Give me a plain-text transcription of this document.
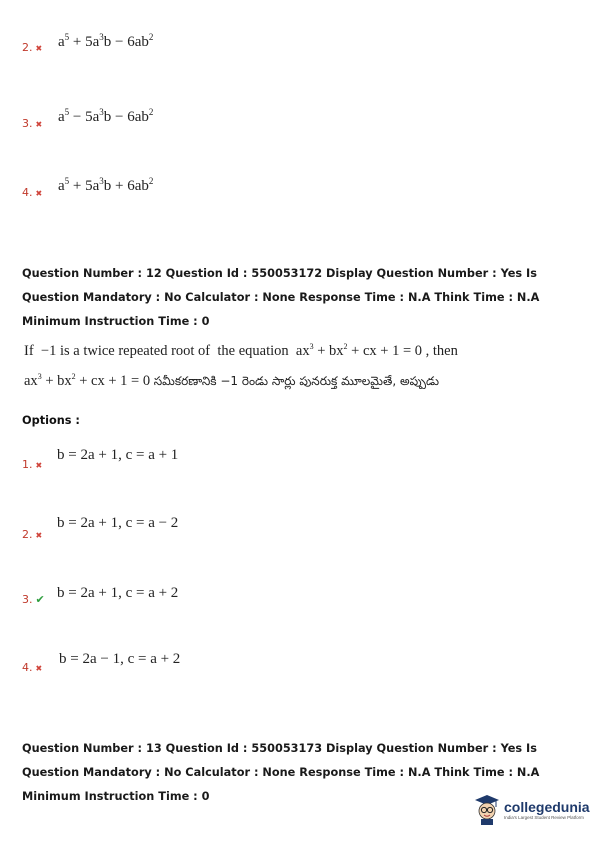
2. ✖ $a^5 + 5a^3b - 6ab^2$
3. ✖ $a^5 - 5a^3b - 6ab^2$
4. ✖ $a^5 + 5a^3b + 6ab^2$
Question Number : 12 Question Id : 550053172 Display Question Number : Yes Is Question Mandatory : No Calculator : None Response Time : N.A Think Time : N.A Minimum Instruction Time : 0
If  −1 is a twice repeated root of  the equation  $ax^3 + bx^2$ + cx + 1 = 0 , then
$ax^3 + bx^2$ + cx + 1 = 0 సమీకరణానికి −1 రెండు సార్లు పునరుక్త మూలమైతే, అప్పుడు
Options :
1. ✖
b = 2a + 1, c = a + 1
2. ✖
b = 2a + 1, c = a − 2
3. ✔ b = 2a + 1, c = a + 2
4. ✖
b = 2a − 1, c = a + 2
Question Number : 13 Question Id : 550053173 Display Question Number : Yes Is Question Mandatory : No Calculator : None Response Time : N.A Think Time : N.A Minimum Instruction Time : 0
collegedunia
India's Largest Student Review Platform
